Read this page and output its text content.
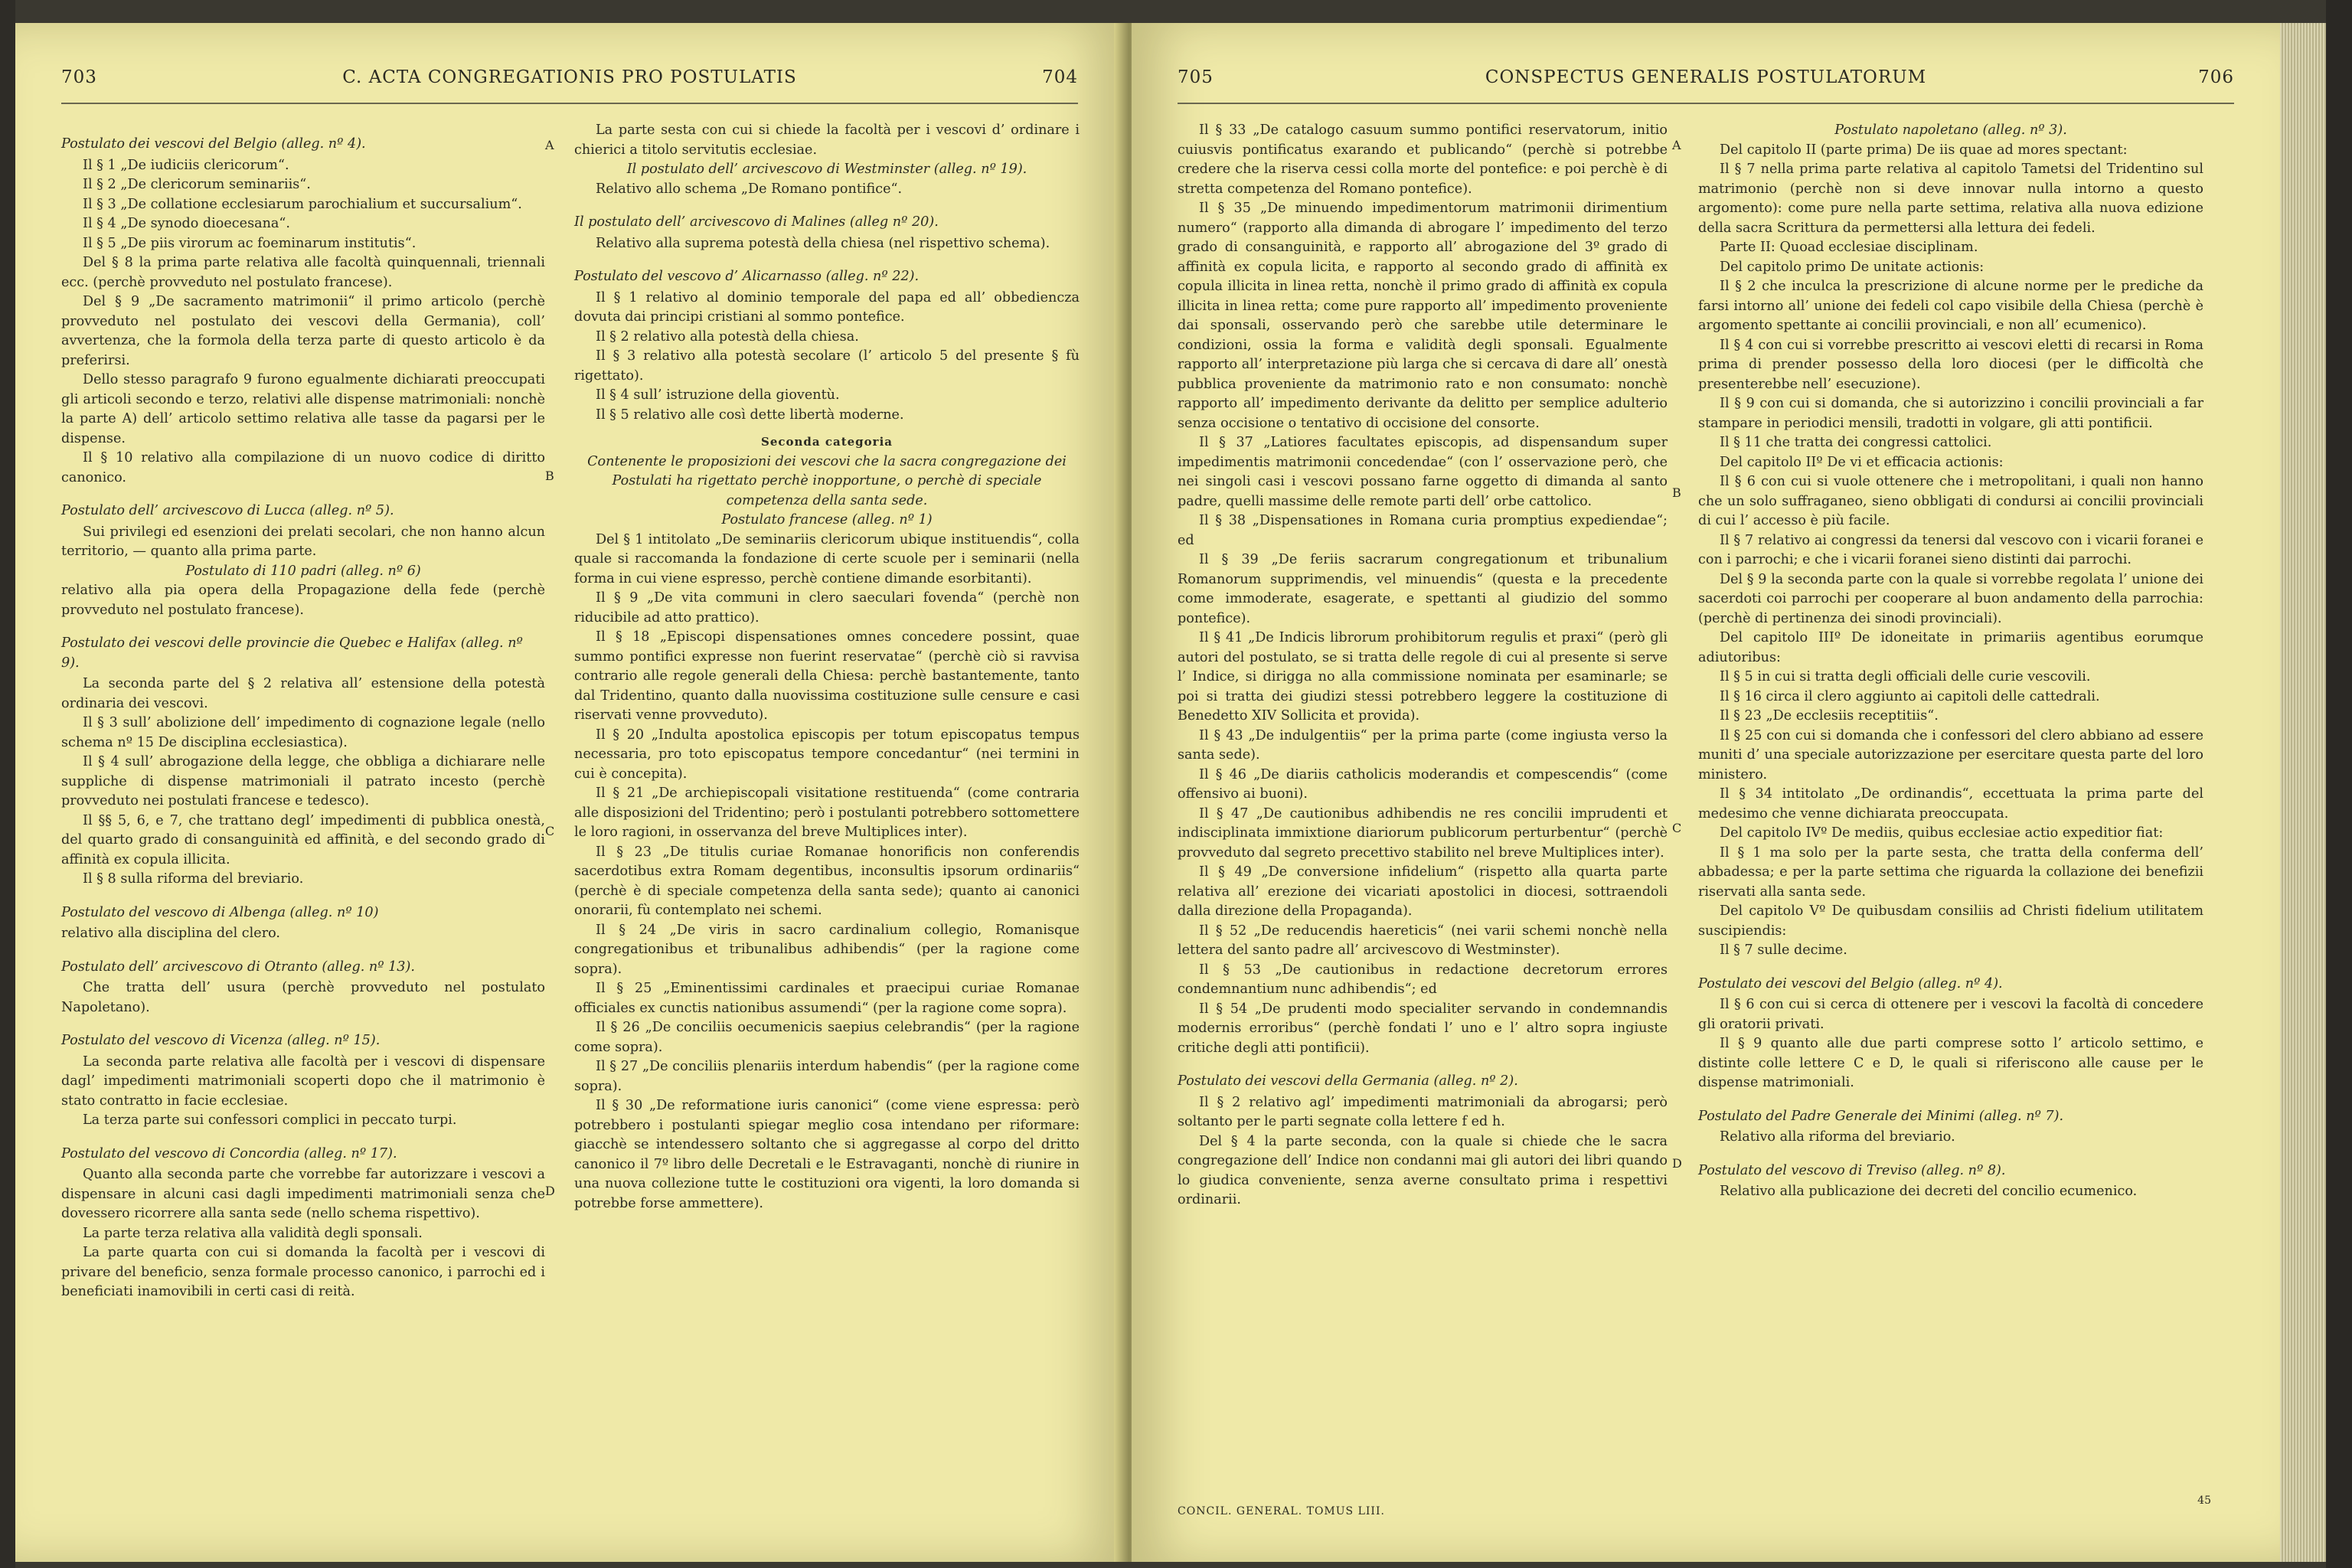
703	C. ACTA CONGREGATIONIS PRO POSTULATIS	704

Postulato dei vescovi del Belgio (alleg. nº 4).

Il § 1 „De iudiciis clericorum“.

Il § 2 „De clericorum seminariis“.

Il § 3 „De collatione ecclesiarum parochialium et succursalium“.

Il § 4 „De synodo dioecesana“.

Il § 5 „De piis virorum ac foeminarum institutis“.

Del § 8 la prima parte relativa alle facoltà quinquennali, triennali ecc. (perchè provveduto nel postulato francese).

Del § 9 „De sacramento matrimonii“ il primo articolo (perchè provveduto nel postulato dei vescovi della Germania), coll’ avvertenza, che la formola della terza parte di questo articolo è da preferirsi.

Dello stesso paragrafo 9 furono egualmente dichiarati preoccupati gli articoli secondo e terzo, relativi alle dispense matrimoniali: nonchè la parte A) dell’ articolo settimo relativa alle tasse da pagarsi per le dispense.

Il § 10 relativo alla compilazione di un nuovo codice di diritto canonico.

Postulato dell’ arcivescovo di Lucca (alleg. nº 5).

Sui privilegi ed esenzioni dei prelati secolari, che non hanno alcun territorio, — quanto alla prima parte.

Postulato di 110 padri (alleg. nº 6)

relativo alla pia opera della Propagazione della fede (perchè provveduto nel postulato francese).

Postulato dei vescovi delle provincie die Quebec e Halifax (alleg. nº 9).

La seconda parte del § 2 relativa all’ estensione della potestà ordinaria dei vescovi.

Il § 3 sull’ abolizione dell’ impedimento di cognazione legale (nello schema nº 15 De disciplina ecclesiastica).

Il § 4 sull’ abrogazione della legge, che obbliga a dichiarare nelle suppliche di dispense matrimoniali il patrato incesto (perchè provveduto nei postulati francese e tedesco).

Il §§ 5, 6, e 7, che trattano degl’ impedimenti di pubblica onestà, del quarto grado di consanguinità ed affinità, e del secondo grado di affinità ex copula illicita.

Il § 8 sulla riforma del breviario.

Postulato del vescovo di Albenga (alleg. nº 10)

relativo alla disciplina del clero.

Postulato dell’ arcivescovo di Otranto (alleg. nº 13).

Che tratta dell’ usura (perchè provveduto nel postulato Napoletano).

Postulato del vescovo di Vicenza (alleg. nº 15).

La seconda parte relativa alle facoltà per i vescovi di dispensare dagl’ impedimenti matrimoniali scoperti dopo che il matrimonio è stato contratto in facie ecclesiae.

La terza parte sui confessori complici in peccato turpi.

Postulato del vescovo di Concordia (alleg. nº 17).

Quanto alla seconda parte che vorrebbe far autorizzare i vescovi a dispensare in alcuni casi dagli impedimenti matrimoniali senza che dovessero ricorrere alla santa sede (nello schema rispettivo).

La parte terza relativa alla validità degli sponsali.

La parte quarta con cui si domanda la facoltà per i vescovi di privare del beneficio, senza formale processo canonico, i parrochi ed i beneficiati inamovibili in certi casi di reità.

La parte sesta con cui si chiede la facoltà per i vescovi d’ ordinare i chierici a titolo servitutis ecclesiae.

Il postulato dell’ arcivescovo di Westminster (alleg. nº 19).

Relativo allo schema „De Romano pontifice“.

Il postulato dell’ arcivescovo di Malines (alleg nº 20).

Relativo alla suprema potestà della chiesa (nel rispettivo schema).

Postulato del vescovo d’ Alicarnasso (alleg. nº 22).

Il § 1 relativo al dominio temporale del papa ed all’ obbediencza dovuta dai principi cristiani al sommo pontefice.

Il § 2 relativo alla potestà della chiesa.

Il § 3 relativo alla potestà secolare (l’ articolo 5 del presente § fù rigettato).

Il § 4 sull’ istruzione della gioventù.

Il § 5 relativo alle così dette libertà moderne.

Seconda categoria

Contenente le proposizioni dei vescovi che la sacra congregazione dei Postulati ha rigettato perchè inopportune, o perchè di speciale competenza della santa sede.

Postulato francese (alleg. nº 1)

Del § 1 intitolato „De seminariis clericorum ubique instituendis“, colla quale si raccomanda la fondazione di certe scuole per i seminarii (nella forma in cui viene espresso, perchè contiene dimande esorbitanti).

Il § 9 „De vita communi in clero saeculari fovenda“ (perchè non riducibile ad atto prattico).

Il § 18 „Episcopi dispensationes omnes concedere possint, quae summo pontifici expresse non fuerint reservatae“ (perchè ciò si ravvisa contrario alle regole generali della Chiesa: perchè bastantemente, tanto dal Tridentino, quanto dalla nuovissima costituzione sulle censure e casi riservati venne provveduto).

Il § 20 „Indulta apostolica episcopis per totum episcopatus tempus necessaria, pro toto episcopatus tempore concedantur“ (nei termini in cui è concepita).

Il § 21 „De archiepiscopali visitatione restituenda“ (come contraria alle disposizioni del Tridentino; però i postulanti potrebbero sottomettere le loro ragioni, in osservanza del breve Multiplices inter).

Il § 23 „De titulis curiae Romanae honorificis non conferendis sacerdotibus extra Romam degentibus, inconsultis ipsorum ordinariis“ (perchè è di speciale competenza della santa sede); quanto ai canonici onorarii, fù contemplato nei schemi.

Il § 24 „De viris in sacro cardinalium collegio, Romanisque congregationibus et tribunalibus adhibendis“ (per la ragione come sopra).

Il § 25 „Eminentissimi cardinales et praecipui curiae Romanae officiales ex cunctis nationibus assumendi“ (per la ragione come sopra).

Il § 26 „De conciliis oecumenicis saepius celebrandis“ (per la ragione come sopra).

Il § 27 „De conciliis plenariis interdum habendis“ (per la ragione come sopra).

Il § 30 „De reformatione iuris canonici“ (come viene espressa: però potrebbero i postulanti spiegar meglio cosa intendano per riformare: giacchè se intendessero soltanto che si aggregasse al corpo del dritto canonico il 7º libro delle Decretali e le Estravaganti, nonchè di riunire in una nuova collezione tutte le costituzioni ora vigenti, la loro domanda si potrebbe forse ammettere).

A
B
C
D
705	CONSPECTUS GENERALIS POSTULATORUM	706

Il § 33 „De catalogo casuum summo pontifici reservatorum, initio cuiusvis pontificatus exarando et publicando“ (perchè si potrebbe credere che la riserva cessi colla morte del pontefice: e poi perchè è di stretta competenza del Romano pontefice).

Il § 35 „De minuendo impedimentorum matrimonii dirimentium numero“ (rapporto alla dimanda di abrogare l’ impedimento del terzo grado di consanguinità, e rapporto all’ abrogazione del 3º grado di affinità ex copula licita, e rapporto al secondo grado di affinità ex copula illicita in linea retta, nonchè il primo grado di affinità ex copula illicita in linea retta; come pure rapporto all’ impedimento proveniente dai sponsali, osservando però che sarebbe utile determinare le condizioni, ossia la forma e validità degli sponsali. Egualmente rapporto all’ interpretazione più larga che si cercava di dare all’ onestà pubblica proveniente da matrimonio rato e non consumato: nonchè rapporto all’ impedimento derivante da delitto per semplice adulterio senza occisione o tentativo di occisione del consorte.

Il § 37 „Latiores facultates episcopis, ad dispensandum super impedimentis matrimonii concedendae“ (con l’ osservazione però, che nei singoli casi i vescovi possano farne oggetto di dimanda al santo padre, quelli massime delle remote parti dell’ orbe cattolico.

Il § 38 „Dispensationes in Romana curia promptius expediendae“; ed

Il § 39 „De feriis sacrarum congregationum et tribunalium Romanorum supprimendis, vel minuendis“ (questa e la precedente come immoderate, esagerate, e spettanti al giudizio del sommo pontefice).

Il § 41 „De Indicis librorum prohibitorum regulis et praxi“ (però gli autori del postulato, se si tratta delle regole di cui al presente si serve l’ Indice, si dirigga no alla commissione nominata per esaminarle; se poi si tratta dei giudizi stessi potrebbero leggere la costituzione di Benedetto XIV Sollicita et provida).

Il § 43 „De indulgentiis“ per la prima parte (come ingiusta verso la santa sede).

Il § 46 „De diariis catholicis moderandis et compescendis“ (come offensivo ai buoni).

Il § 47 „De cautionibus adhibendis ne res concilii imprudenti et indisciplinata immixtione diariorum publicorum perturbentur“ (perchè provveduto dal segreto precettivo stabilito nel breve Multiplices inter).

Il § 49 „De conversione infidelium“ (rispetto alla quarta parte relativa all’ erezione dei vicariati apostolici in diocesi, sottraendoli dalla direzione della Propaganda).

Il § 52 „De reducendis haereticis“ (nei varii schemi nonchè nella lettera del santo padre all’ arcivescovo di Westminster).

Il § 53 „De cautionibus in redactione decretorum errores condemnantium nunc adhibendis“; ed

Il § 54 „De prudenti modo specialiter servando in condemnandis modernis erroribus“ (perchè fondati l’ uno e l’ altro sopra ingiuste critiche degli atti pontificii).

Postulato dei vescovi della Germania (alleg. nº 2).

Il § 2 relativo agl’ impedimenti matrimoniali da abrogarsi; però soltanto per le parti segnate colla lettere f ed h.

Del § 4 la parte seconda, con la quale si chiede che le sacra congregazione dell’ Indice non condanni mai gli autori dei libri quando lo giudica conveniente, senza averne consultato prima i respettivi ordinarii.

Postulato napoletano (alleg. nº 3).

Del capitolo II (parte prima) De iis quae ad mores spectant:

Il § 7 nella prima parte relativa al capitolo Tametsi del Tridentino sul matrimonio (perchè non si deve innovar nulla intorno a questo argomento): come pure nella parte settima, relativa alla nuova edizione della sacra Scrittura da permettersi alla lettura dei fedeli.

Parte II: Quoad ecclesiae disciplinam.

Del capitolo primo De unitate actionis:

Il § 2 che inculca la prescrizione di alcune norme per le prediche da farsi intorno all’ unione dei fedeli col capo visibile della Chiesa (perchè è argomento spettante ai concilii provinciali, e non all’ ecumenico).

Il § 4 con cui si vorrebbe prescritto ai vescovi eletti di recarsi in Roma prima di prender possesso della loro diocesi (per le difficoltà che presenterebbe nell’ esecuzione).

Il § 9 con cui si domanda, che si autorizzino i concilii provinciali a far stampare in periodici mensili, tradotti in volgare, gli atti pontificii.

Il § 11 che tratta dei congressi cattolici.

Del capitolo IIº De vi et efficacia actionis:

Il § 6 con cui si vuole ottenere che i metropolitani, i quali non hanno che un solo suffraganeo, sieno obbligati di condursi ai concilii provinciali di cui l’ accesso è più facile.

Il § 7 relativo ai congressi da tenersi dal vescovo con i vicarii foranei e con i parrochi; e che i vicarii foranei sieno distinti dai parrochi.

Del § 9 la seconda parte con la quale si vorrebbe regolata l’ unione dei sacerdoti coi parrochi per cooperare al buon andamento della parrochia: (perchè di pertinenza dei sinodi provinciali).

Del capitolo IIIº De idoneitate in primariis agentibus eorumque adiutoribus:

Il § 5 in cui si tratta degli officiali delle curie vescovili.

Il § 16 circa il clero aggiunto ai capitoli delle cattedrali.

Il § 23 „De ecclesiis receptitiis“.

Il § 25 con cui si domanda che i confessori del clero abbiano ad essere muniti d’ una speciale autorizzazione per esercitare questa parte del loro ministero.

Il § 34 intitolato „De ordinandis“, eccettuata la prima parte del medesimo che venne dichiarata preoccupata.

Del capitolo IVº De mediis, quibus ecclesiae actio expeditior fiat:

Il § 1 ma solo per la parte sesta, che tratta della conferma dell’ abbadessa; e per la parte settima che riguarda la collazione dei benefizii riservati alla santa sede.

Del capitolo Vº De quibusdam consiliis ad Christi fidelium utilitatem suscipiendis:

Il § 7 sulle decime.

Postulato dei vescovi del Belgio (alleg. nº 4).

Il § 6 con cui si cerca di ottenere per i vescovi la facoltà di concedere gli oratorii privati.

Il § 9 quanto alle due parti comprese sotto l’ articolo settimo, e distinte colle lettere C e D, le quali si riferiscono alle cause per le dispense matrimoniali.

Postulato del Padre Generale dei Minimi (alleg. nº 7).

Relativo alla riforma del breviario.

Postulato del vescovo di Treviso (alleg. nº 8).

Relativo alla publicazione dei decreti del concilio ecumenico.

A
B
C
D
CONCIL. GENERAL. TOMUS LIII.
45
